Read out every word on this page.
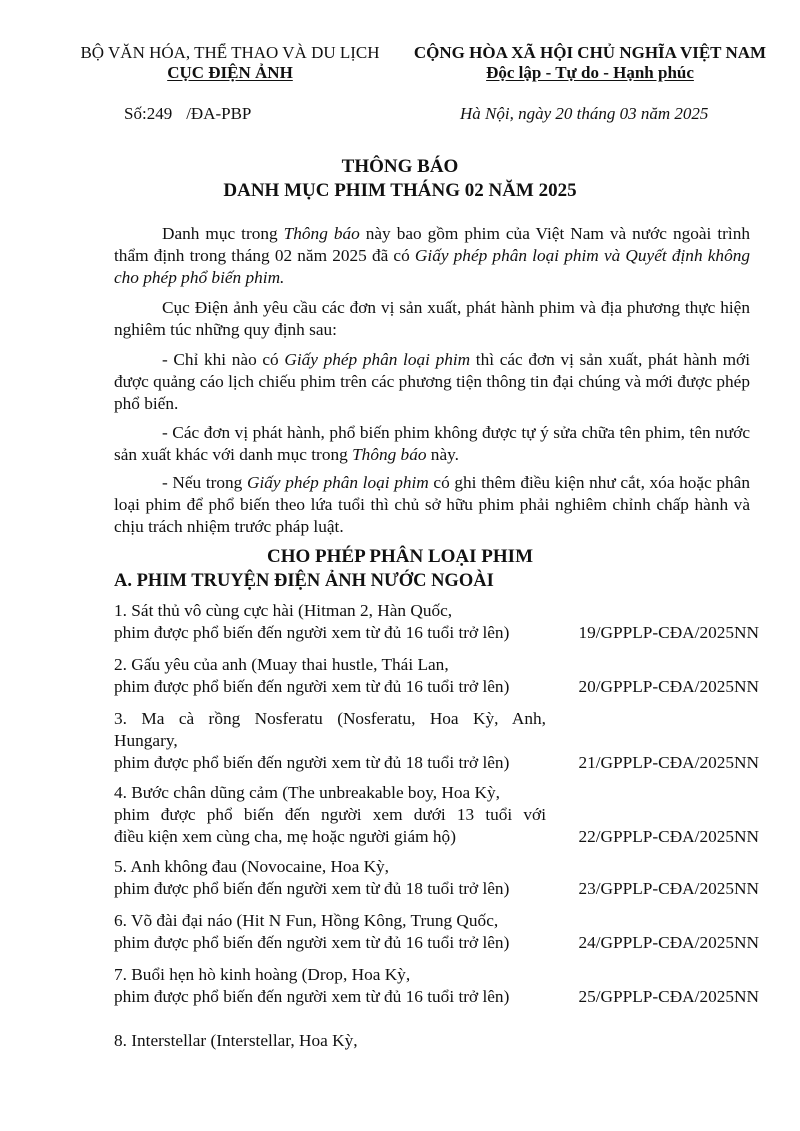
BỘ VĂN HÓA, THỂ THAO VÀ DU LỊCH
CỤC ĐIỆN ẢNH
CỘNG HÒA XÃ HỘI CHỦ NGHĨA VIỆT NAM
Độc lập - Tự do - Hạnh phúc
Số:249 /ĐA-PBP	Hà Nội, ngày 20 tháng 03 năm 2025
THÔNG BÁO
DANH MỤC PHIM THÁNG 02 NĂM 2025
Danh mục trong Thông báo này bao gồm phim của Việt Nam và nước ngoài trình thẩm định trong tháng 02 năm 2025 đã có Giấy phép phân loại phim và Quyết định không cho phép phổ biến phim.
Cục Điện ảnh yêu cầu các đơn vị sản xuất, phát hành phim và địa phương thực hiện nghiêm túc những quy định sau:
- Chỉ khi nào có Giấy phép phân loại phim thì các đơn vị sản xuất, phát hành mới được quảng cáo lịch chiếu phim trên các phương tiện thông tin đại chúng và mới được phép phổ biến.
- Các đơn vị phát hành, phổ biến phim không được tự ý sửa chữa tên phim, tên nước sản xuất khác với danh mục trong Thông báo này.
- Nếu trong Giấy phép phân loại phim có ghi thêm điều kiện như cắt, xóa hoặc phân loại phim để phổ biến theo lứa tuổi thì chủ sở hữu phim phải nghiêm chỉnh chấp hành và chịu trách nhiệm trước pháp luật.
CHO PHÉP PHÂN LOẠI PHIM
A. PHIM TRUYỆN ĐIỆN ẢNH NƯỚC NGOÀI
1. Sát thủ vô cùng cực hài (Hitman 2, Hàn Quốc,
phim được phổ biến đến người xem từ đủ 16 tuổi trở lên)	19/GPPLP-CĐA/2025NN
2. Gấu yêu của anh (Muay thai hustle, Thái Lan,
phim được phổ biến đến người xem từ đủ 16 tuổi trở lên)	20/GPPLP-CĐA/2025NN
3. Ma cà rồng Nosferatu (Nosferatu, Hoa Kỳ, Anh,
Hungary,
phim được phổ biến đến người xem từ đủ 18 tuổi trở lên)	21/GPPLP-CĐA/2025NN
4. Bước chân dũng cảm (The unbreakable boy, Hoa Kỳ,
phim được phổ biến đến người xem dưới 13 tuổi với
điều kiện xem cùng cha, mẹ hoặc người giám hộ)	22/GPPLP-CĐA/2025NN
5. Anh không đau (Novocaine, Hoa Kỳ,
phim được phổ biến đến người xem từ đủ 18 tuổi trở lên)	23/GPPLP-CĐA/2025NN
6. Võ đài đại náo (Hit N Fun, Hồng Kông, Trung Quốc,
phim được phổ biến đến người xem từ đủ 16 tuổi trở lên)	24/GPPLP-CĐA/2025NN
7. Buổi hẹn hò kinh hoàng (Drop, Hoa Kỳ,
phim được phổ biến đến người xem từ đủ 16 tuổi trở lên)	25/GPPLP-CĐA/2025NN
8. Interstellar (Interstellar, Hoa Kỳ,
